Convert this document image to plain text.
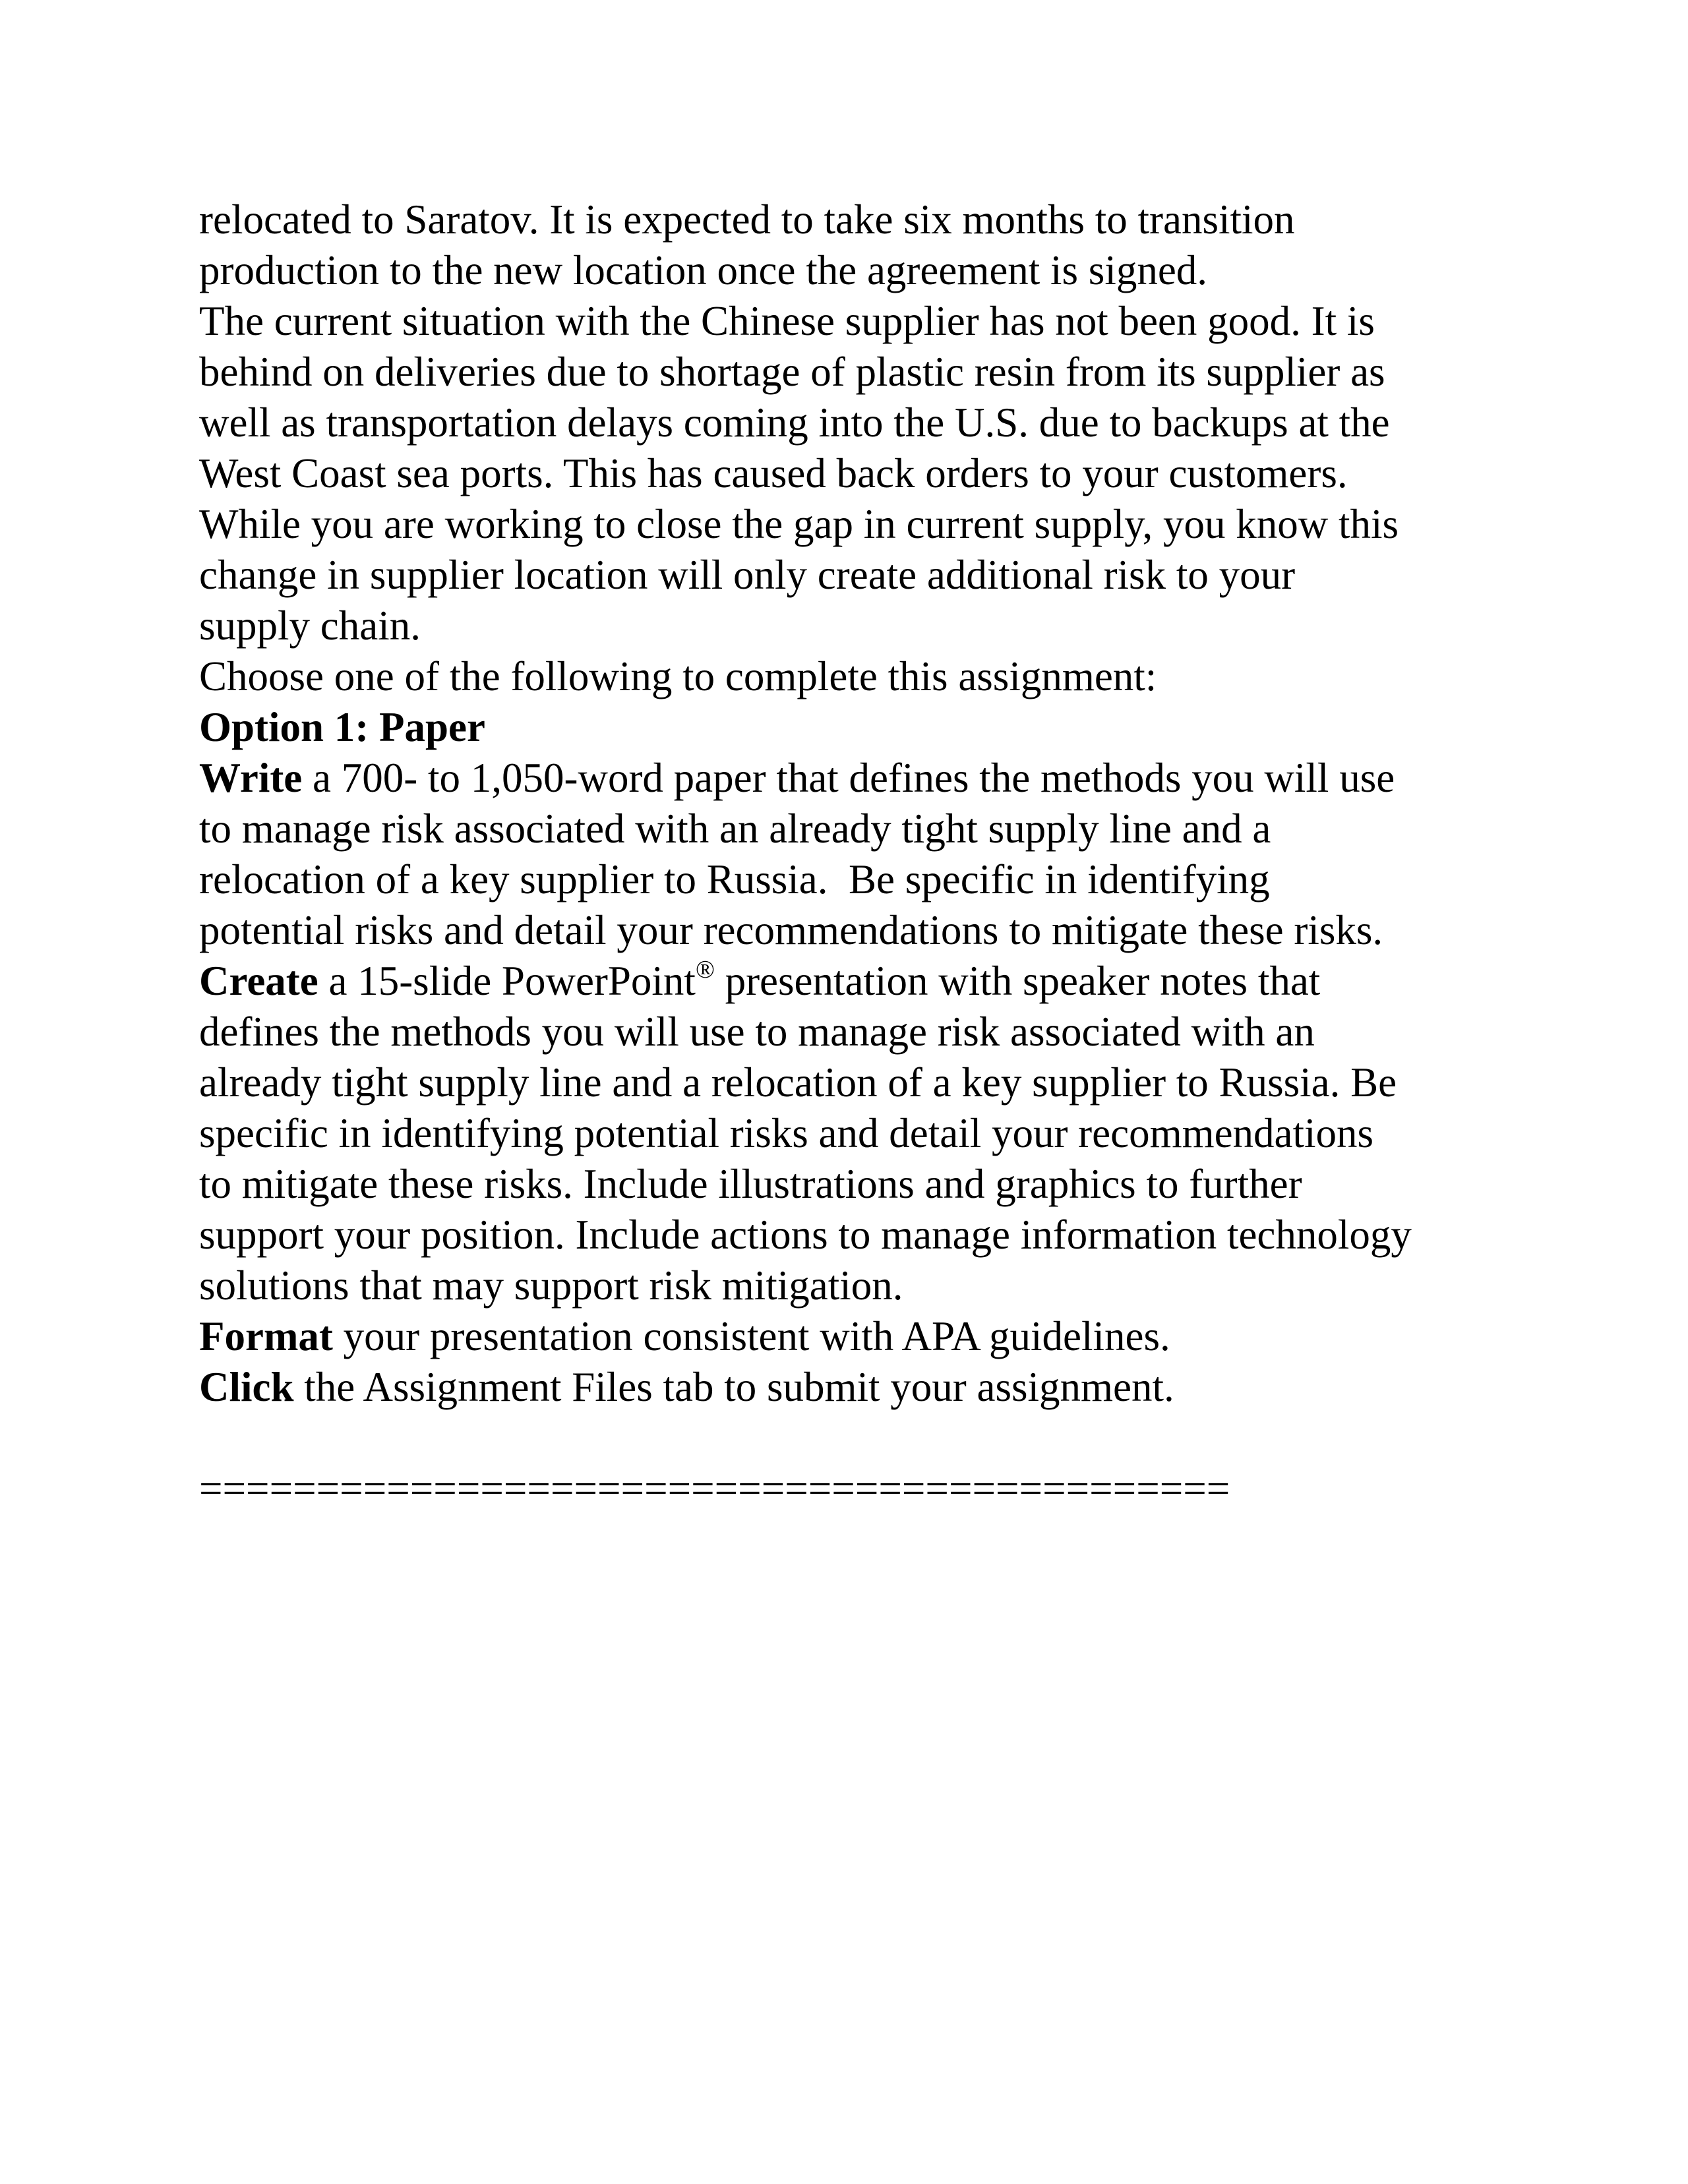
relocated to Saratov. It is expected to take six months to transition
production to the new location once the agreement is signed.
The current situation with the Chinese supplier has not been good. It is
behind on deliveries due to shortage of plastic resin from its supplier as
well as transportation delays coming into the U.S. due to backups at the
West Coast sea ports. This has caused back orders to your customers.
While you are working to close the gap in current supply, you know this
change in supplier location will only create additional risk to your
supply chain.
Choose one of the following to complete this assignment:
Option 1: Paper
Write a 700- to 1,050-word paper that defines the methods you will use
to manage risk associated with an already tight supply line and a
relocation of a key supplier to Russia.  Be specific in identifying
potential risks and detail your recommendations to mitigate these risks.
Create a 15-slide PowerPoint® presentation with speaker notes that
defines the methods you will use to manage risk associated with an
already tight supply line and a relocation of a key supplier to Russia. Be
specific in identifying potential risks and detail your recommendations
to mitigate these risks. Include illustrations and graphics to further
support your position. Include actions to manage information technology
solutions that may support risk mitigation.
Format your presentation consistent with APA guidelines.
Click the Assignment Files tab to submit your assignment.
============================================
